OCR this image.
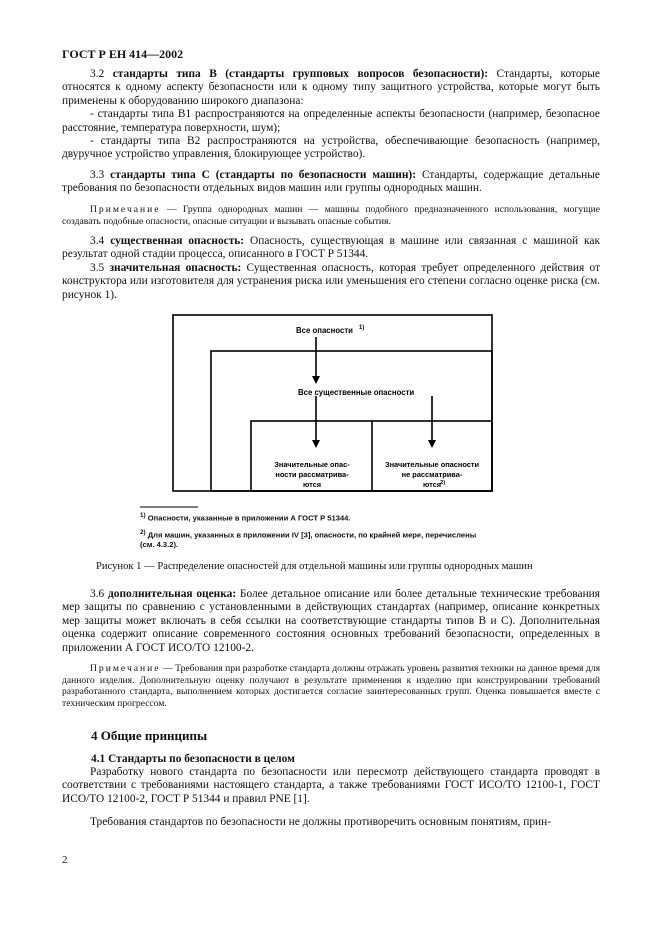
ГОСТ Р ЕН 414—2002

3.2 стандарты типа В (стандарты групповых вопросов безопасности): Стандарты, которые относятся к одному аспекту безопасности или к одному типу защитного устройства, которые могут быть применены к оборудованию широкого диапазона:
- стандарты типа В1 распространяются на определенные аспекты безопасности (например, безопасное расстояние, температура поверхности, шум);
- стандарты типа В2 распространяются на устройства, обеспечивающие безопасность (например, двуручное устройство управления, блокирующее устройство).

3.3 стандарты типа С (стандарты по безопасности машин): Стандарты, содержащие детальные требования по безопасности отдельных видов машин или группы однородных машин.

Примечание — Группа однородных машин — машины подобного предназначенного использования, могущие создавать подобные опасности, опасные ситуации и вызывать опасные события.

3.4 существенная опасность: Опасность, существующая в машине или связанная с машиной как результат одной стадии процесса, описанного в ГОСТ Р 51344.

3.5 значительная опасность: Существенная опасность, которая требует определенного действия от конструктора или изготовителя для устранения риска или уменьшения его степени согласно оценке риска (см. рисунок 1).

Все опасности 1)
Все существенные опасности
Значительные опас-
ности рассматрива-
ются
Значительные опасности
не рассматрива-
ются
2)

$^{1)}$ Опасности, указанные в приложении А ГОСТ Р 51344.

$^{2)}$ Для машин, указанных в приложении IV [3], опасности, по крайней мере, перечислены
(см. 4.3.2).

Рисунок 1 — Распределение опасностей для отдельной машины или группы однородных машин

3.6 дополнительная оценка: Более детальное описание или более детальные технические требования мер защиты по сравнению с установленными в действующих стандартах (например, описание конкретных мер защиты может включать в себя ссылки на соответствующие стандарты типов В и С). Дополнительная оценка содержит описание современного состояния основных требований безопасности, определенных в приложении А ГОСТ ИСО/ТО 12100-2.

Примечание — Требования при разработке стандарта должны отражать уровень развития техники на данное время для данного изделия. Дополнительную оценку получают в результате применения к изделию при конструировании требований разработанного стандарта, выполнением которых достигается согласие заинтересованных групп. Оценка повышается вместе с техническим прогрессом.

4 Общие принципы
4.1 Стандарты по безопасности в целом

Разработку нового стандарта по безопасности или пересмотр действующего стандарта проводят в соответствии с требованиями настоящего стандарта, а также требованиями ГОСТ ИСО/ТО 12100-1, ГОСТ ИСО/ТО 12100-2, ГОСТ Р 51344 и правил PNE [1].

Требования стандартов по безопасности не должны противоречить основным понятиям, прин-

2
